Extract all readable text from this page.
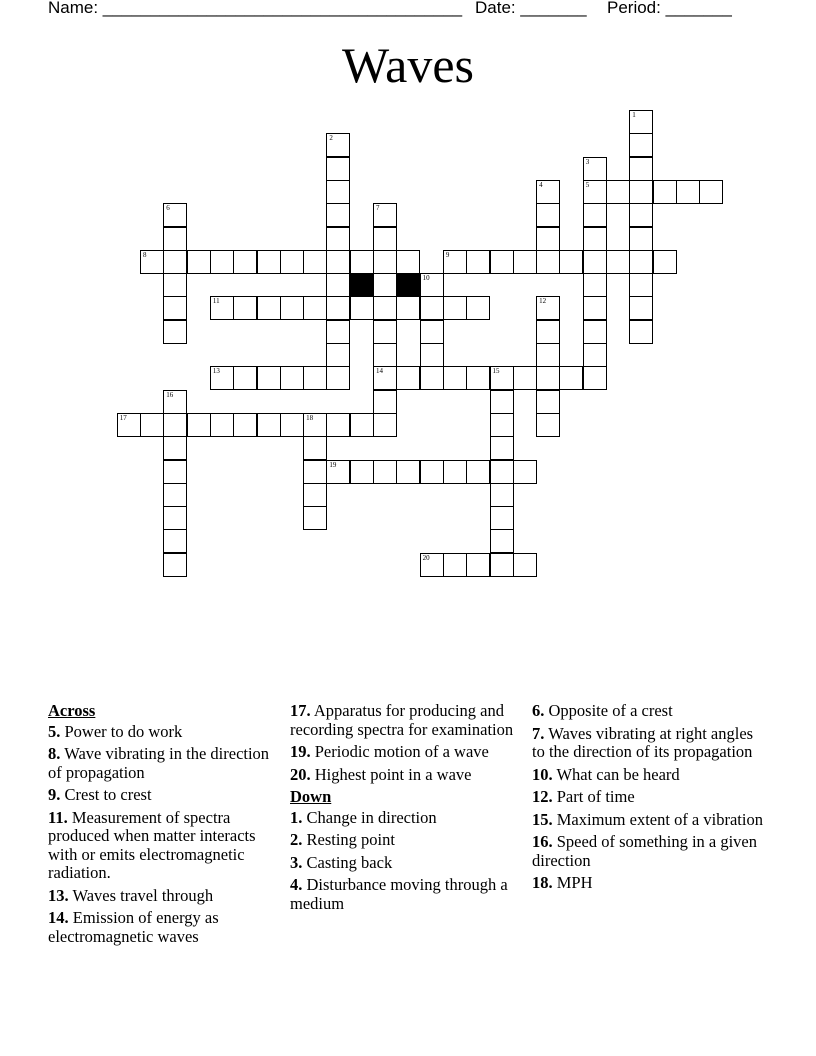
Name: ______________________________________ Date: _______ Period: _______
Waves
5
8	9
11
13	14	15
17	18
19
20
1
2
3
4
6	7
10
12
16
Across
5. Power to do work
8. Wave vibrating in the direction of propagation
9. Crest to crest
11. Measurement of spectra produced when matter interacts with or emits electromagnetic radiation.
13. Waves travel through
14. Emission of energy as electromagnetic waves
17. Apparatus for producing and recording spectra for examination
19. Periodic motion of a wave
20. Highest point in a wave
Down
1. Change in direction
2. Resting point
3. Casting back
4. Disturbance moving through a medium
6. Opposite of a crest
7. Waves vibrating at right angles to the direction of its propagation
10. What can be heard
12. Part of time
15. Maximum extent of a vibration
16. Speed of something in a given direction
18. MPH
